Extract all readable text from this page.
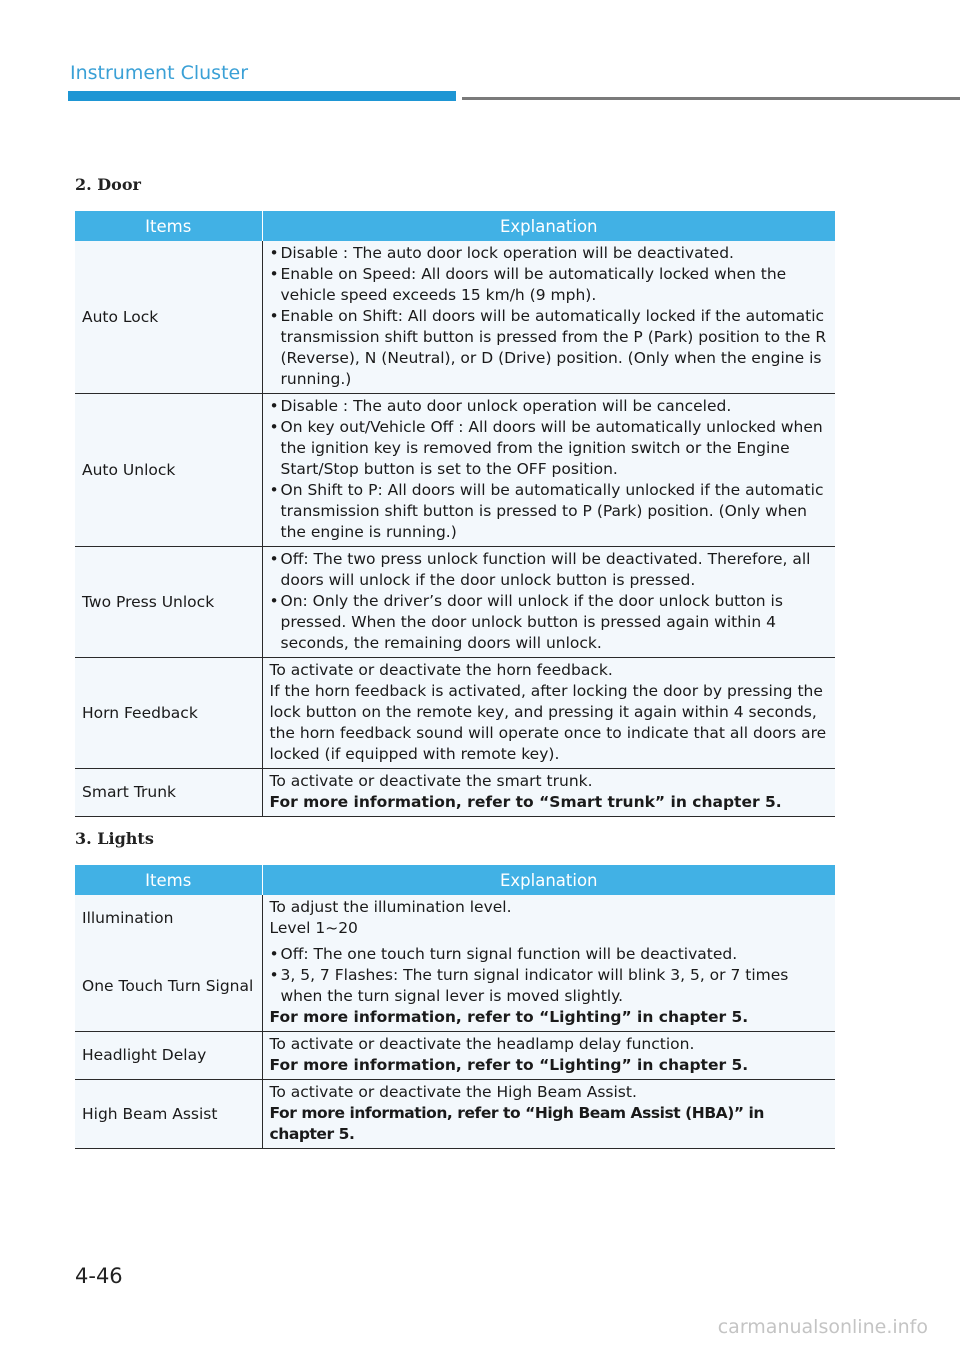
Instrument Cluster
2. Door
Items	Explanation
Auto Lock	• Disable : The auto door lock operation will be deactivated.
• Enable on Speed: All doors will be automatically locked when the vehicle speed exceeds 15 km/h (9 mph).
• Enable on Shift: All doors will be automatically locked if the automatic transmission shift button is pressed from the P (Park) position to the R (Reverse), N (Neutral), or D (Drive) position. (Only when the engine is running.)

Auto Unlock	• Disable : The auto door unlock operation will be canceled.
• On key out/Vehicle Off : All doors will be automatically unlocked when the ignition key is removed from the ignition switch or the Engine Start/Stop button is set to the OFF position.
• On Shift to P: All doors will be automatically unlocked if the automatic transmission shift button is pressed to P (Park) position. (Only when the engine is running.)

Two Press Unlock	• Off: The two press unlock function will be deactivated. Therefore, all doors will unlock if the door unlock button is pressed.
• On: Only the driver’s door will unlock if the door unlock button is pressed. When the door unlock button is pressed again within 4 seconds, the remaining doors will unlock.

Horn Feedback	To activate or deactivate the horn feedback.
If the horn feedback is activated, after locking the door by pressing the lock button on the remote key, and pressing it again within 4 seconds, the horn feedback sound will operate once to indicate that all doors are locked (if equipped with remote key).

Smart Trunk	To activate or deactivate the smart trunk.
For more information, refer to “Smart trunk” in chapter 5.
3. Lights
Items	Explanation
Illumination	To adjust the illumination level.
Level 1~20

One Touch Turn Signal	• Off: The one touch turn signal function will be deactivated.
• 3, 5, 7 Flashes: The turn signal indicator will blink 3, 5, or 7 times when the turn signal lever is moved slightly.
For more information, refer to “Lighting” in chapter 5.

Headlight Delay	To activate or deactivate the headlamp delay function.
For more information, refer to “Lighting” in chapter 5.

High Beam Assist	To activate or deactivate the High Beam Assist.
For more information, refer to “High Beam Assist (HBA)” in chapter 5.
4-46
carmanualsonline.info
